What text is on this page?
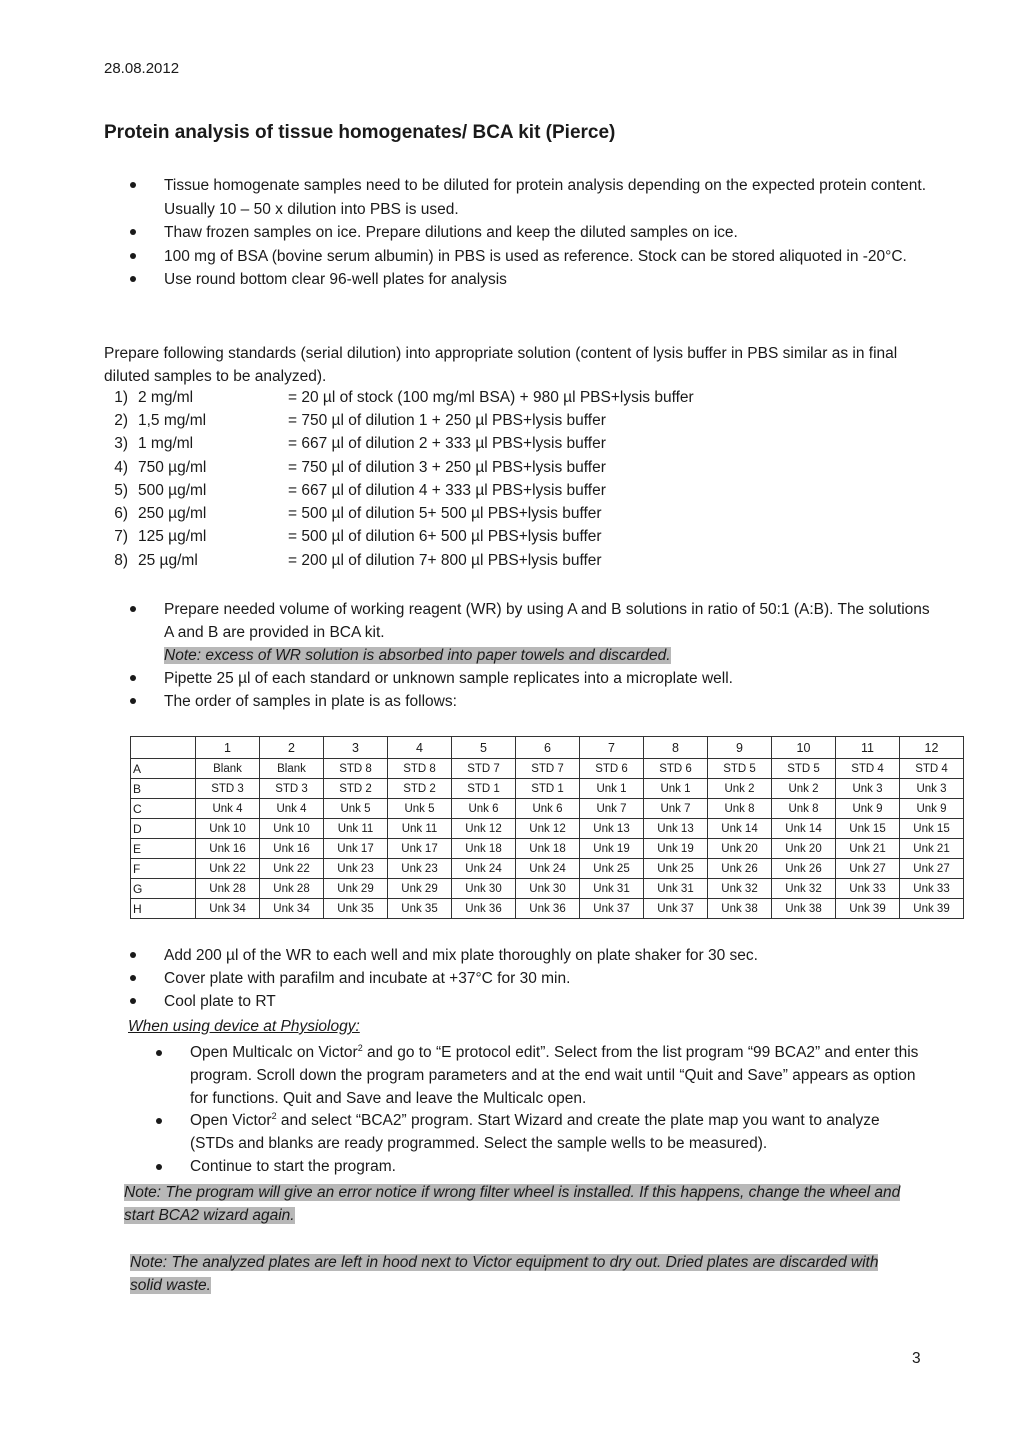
28.08.2012
Protein analysis of tissue homogenates/ BCA kit (Pierce)
Tissue homogenate samples need to be diluted for protein analysis depending on the expected protein content. Usually 10 – 50 x dilution into PBS is used.
Thaw frozen samples on ice. Prepare dilutions and keep the diluted samples on ice.
100 mg of BSA (bovine serum albumin) in PBS is used as reference. Stock can be stored aliquoted in -20°C.
Use round bottom clear 96-well plates for analysis
Prepare following standards (serial dilution) into appropriate solution (content of lysis buffer in PBS similar as in final diluted samples to be analyzed).
1) 2 mg/ml	= 20 µl of stock (100 mg/ml BSA) + 980 µl PBS+lysis buffer
2) 1,5 mg/ml	= 750 µl of dilution 1 + 250 µl PBS+lysis buffer
3) 1 mg/ml	= 667 µl of dilution 2 + 333 µl PBS+lysis buffer
4) 750 µg/ml	= 750 µl of dilution 3 + 250 µl PBS+lysis buffer
5) 500 µg/ml	= 667 µl of dilution 4 + 333 µl PBS+lysis buffer
6) 250 µg/ml	= 500 µl of dilution 5+ 500 µl PBS+lysis buffer
7) 125 µg/ml	= 500 µl of dilution 6+ 500 µl PBS+lysis buffer
8) 25 µg/ml	= 200 µl of dilution 7+ 800 µl PBS+lysis buffer
Prepare needed volume of working reagent (WR) by using A and B solutions in ratio of 50:1 (A:B). The solutions A and B are provided in BCA kit.
Note: excess of WR solution is absorbed into paper towels and discarded.
Pipette 25 µl of each standard or unknown sample replicates into a microplate well.
The order of samples in plate is as follows:
	1	2	3	4	5	6	7	8	9	10	11	12
A	Blank	Blank	STD 8	STD 8	STD 7	STD 7	STD 6	STD 6	STD 5	STD 5	STD 4	STD 4
B	STD 3	STD 3	STD 2	STD 2	STD 1	STD 1	Unk 1	Unk 1	Unk 2	Unk 2	Unk 3	Unk 3
C	Unk 4	Unk 4	Unk 5	Unk 5	Unk 6	Unk 6	Unk 7	Unk 7	Unk 8	Unk 8	Unk 9	Unk 9
D	Unk 10	Unk 10	Unk 11	Unk 11	Unk 12	Unk 12	Unk 13	Unk 13	Unk 14	Unk 14	Unk 15	Unk 15
E	Unk 16	Unk 16	Unk 17	Unk 17	Unk 18	Unk 18	Unk 19	Unk 19	Unk 20	Unk 20	Unk 21	Unk 21
F	Unk 22	Unk 22	Unk 23	Unk 23	Unk 24	Unk 24	Unk 25	Unk 25	Unk 26	Unk 26	Unk 27	Unk 27
G	Unk 28	Unk 28	Unk 29	Unk 29	Unk 30	Unk 30	Unk 31	Unk 31	Unk 32	Unk 32	Unk 33	Unk 33
H	Unk 34	Unk 34	Unk 35	Unk 35	Unk 36	Unk 36	Unk 37	Unk 37	Unk 38	Unk 38	Unk 39	Unk 39
Add 200 µl of the WR to each well and mix plate thoroughly on plate shaker for 30 sec.
Cover plate with parafilm and incubate at +37°C for 30 min.
Cool plate to RT
When using device at Physiology:
Open Multicalc on Victor$^2$ and go to “E protocol edit”. Select from the list program “99 BCA2” and enter this program. Scroll down the program parameters and at the end wait until “Quit and Save” appears as option for functions. Quit and Save and leave the Multicalc open.
Open Victor$^2$ and select “BCA2” program. Start Wizard and create the plate map you want to analyze (STDs and blanks are ready programmed. Select the sample wells to be measured).
Continue to start the program.
Note: The program will give an error notice if wrong filter wheel is installed. If this happens, change the wheel and start BCA2 wizard again.
Note: The analyzed plates are left in hood next to Victor equipment to dry out. Dried plates are discarded with solid waste.
3
